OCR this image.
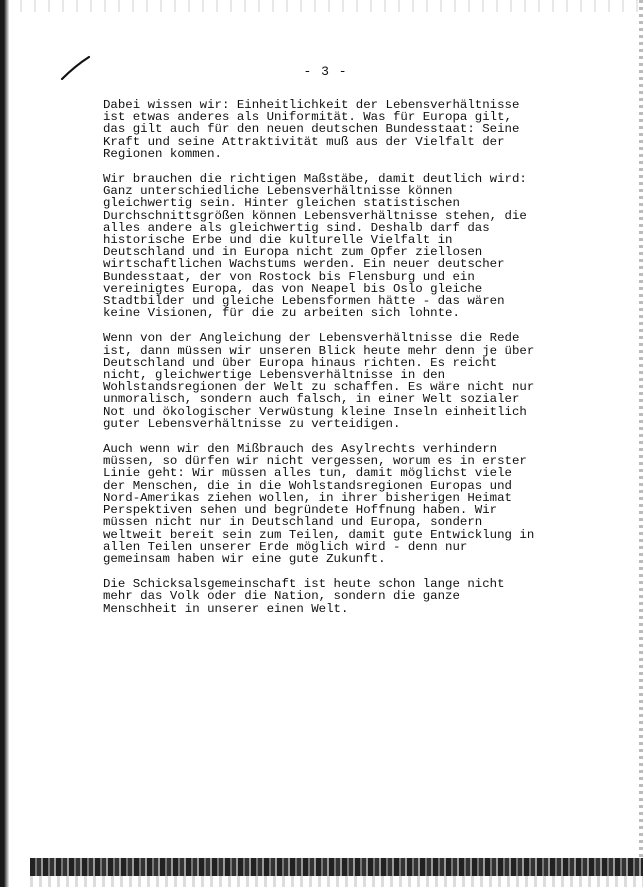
- 3 -
Dabei wissen wir: Einheitlichkeit der Lebensverhältnisse
ist etwas anderes als Uniformität. Was für Europa gilt,
das gilt auch für den neuen deutschen Bundesstaat: Seine
Kraft und seine Attraktivität muß aus der Vielfalt der
Regionen kommen.
Wir brauchen die richtigen Maßstäbe, damit deutlich wird:
Ganz unterschiedliche Lebensverhältnisse können
gleichwertig sein. Hinter gleichen statistischen
Durchschnittsgrößen können Lebensverhältnisse stehen, die
alles andere als gleichwertig sind. Deshalb darf das
historische Erbe und die kulturelle Vielfalt in
Deutschland und in Europa nicht zum Opfer ziellosen
wirtschaftlichen Wachstums werden. Ein neuer deutscher
Bundesstaat, der von Rostock bis Flensburg und ein
vereinigtes Europa, das von Neapel bis Oslo gleiche
Stadtbilder und gleiche Lebensformen hätte - das wären
keine Visionen, für die zu arbeiten sich lohnte.
Wenn von der Angleichung der Lebensverhältnisse die Rede
ist, dann müssen wir unseren Blick heute mehr denn je über
Deutschland und über Europa hinaus richten. Es reicht
nicht, gleichwertige Lebensverhältnisse in den
Wohlstandsregionen der Welt zu schaffen. Es wäre nicht nur
unmoralisch, sondern auch falsch, in einer Welt sozialer
Not und ökologischer Verwüstung kleine Inseln einheitlich
guter Lebensverhältnisse zu verteidigen.
Auch wenn wir den Mißbrauch des Asylrechts verhindern
müssen, so dürfen wir nicht vergessen, worum es in erster
Linie geht: Wir müssen alles tun, damit möglichst viele
der Menschen, die in die Wohlstandsregionen Europas und
Nord-Amerikas ziehen wollen, in ihrer bisherigen Heimat
Perspektiven sehen und begründete Hoffnung haben. Wir
müssen nicht nur in Deutschland und Europa, sondern
weltweit bereit sein zum Teilen, damit gute Entwicklung in
allen Teilen unserer Erde möglich wird - denn nur
gemeinsam haben wir eine gute Zukunft.
Die Schicksalsgemeinschaft ist heute schon lange nicht
mehr das Volk oder die Nation, sondern die ganze
Menschheit in unserer einen Welt.
